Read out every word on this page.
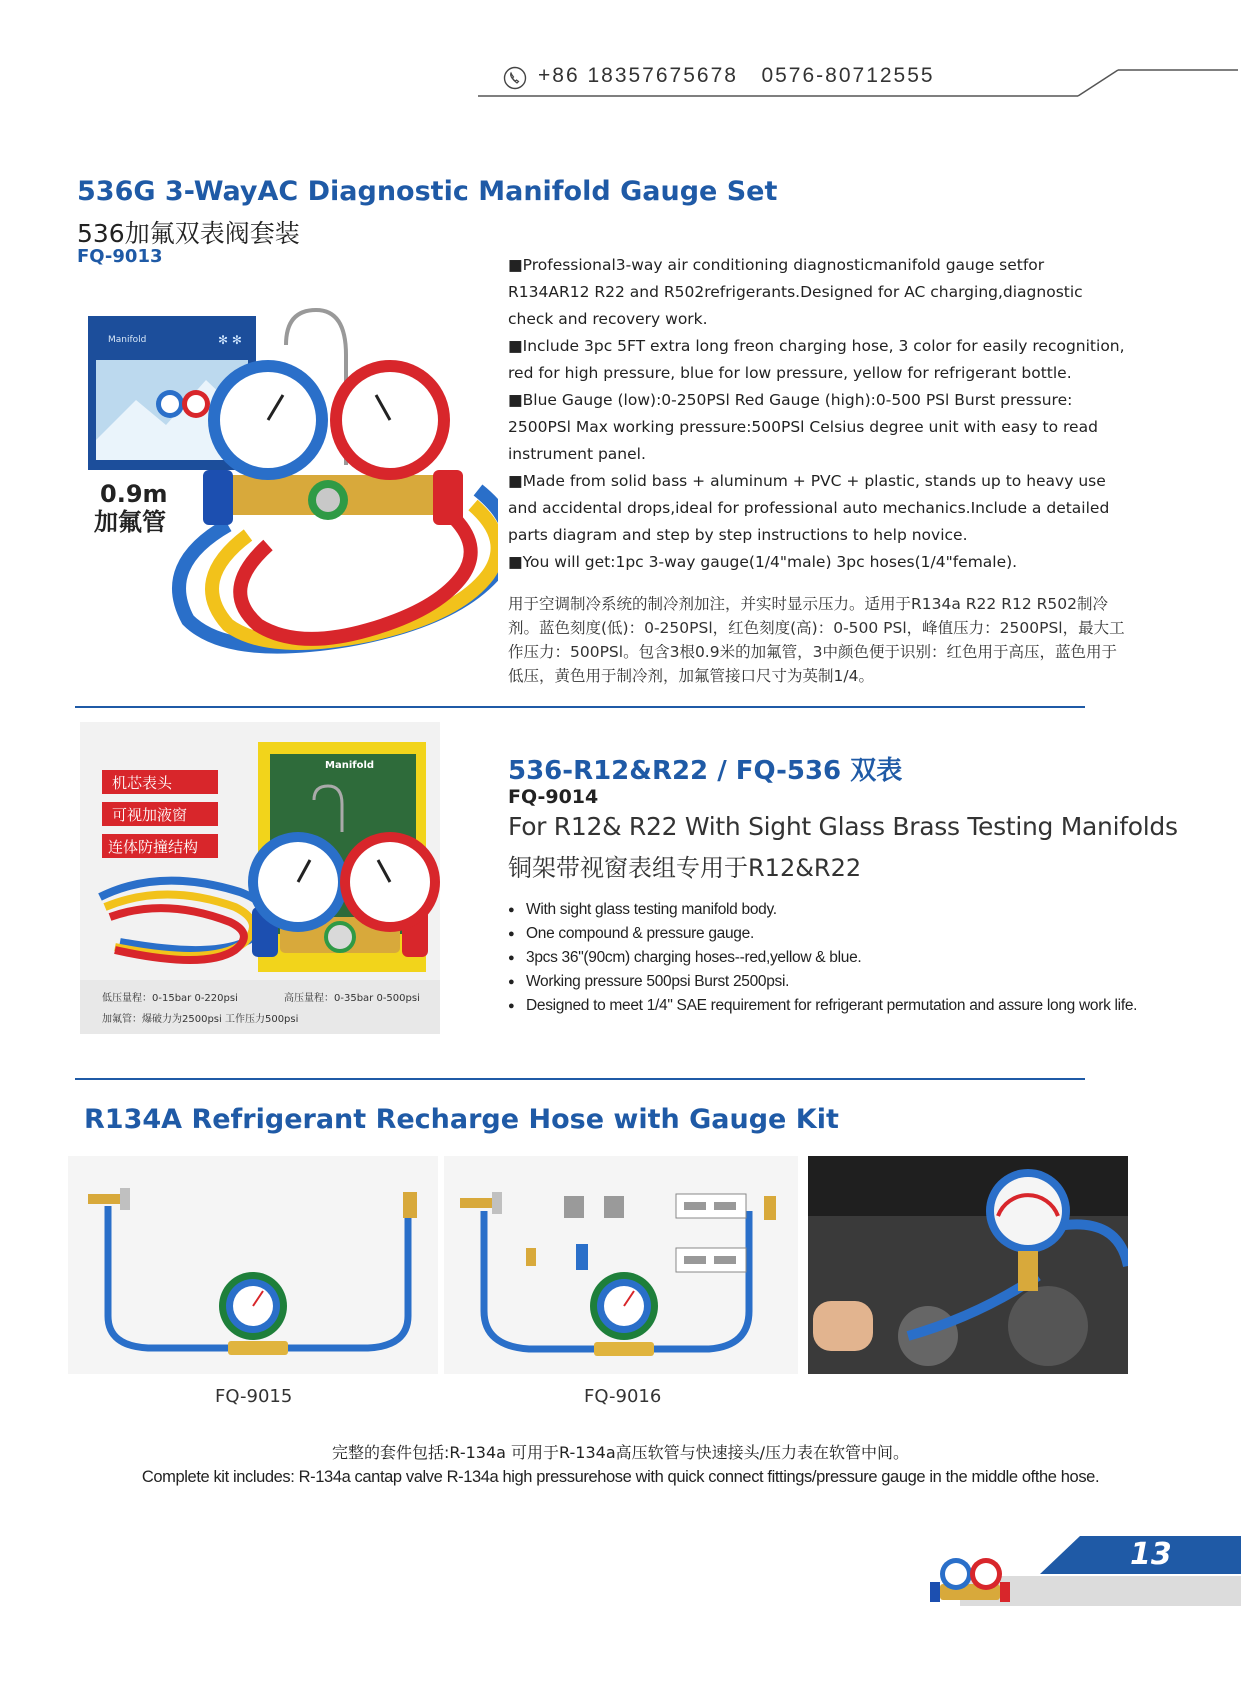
+86 18357675678 0576-80712555
536G 3-WayAC Diagnostic Manifold Gauge Set
536加氟双表阀套装
FQ-9013
✻ ✻
0.9m
加氟管
Manifold

■Professional3-way air conditioning diagnosticmanifold gauge setfor R134AR12 R22 and R502refrigerants.Designed for AC charging,diagnostic check and recovery work.

■Include 3pc 5FT extra long freon charging hose, 3 color for easily recognition, red for high pressure, blue for low pressure, yellow for refrigerant bottle.

■Blue Gauge (low):0-250PSl Red Gauge (high):0-500 PSl Burst pressure: 2500PSl Max working pressure:500PSl Celsius degree unit with easy to read instrument panel.

■Made from solid bass + aluminum + PVC + plastic, stands up to heavy use and accidental drops,ideal for professional auto mechanics.Include a detailed parts diagram and step by step instructions to help novice.

■You will get:1pc 3-way gauge(1/4"male) 3pc hoses(1/4"female).

用于空调制冷系统的制冷剂加注，并实时显示压力。适用于R134a R22 R12 R502制冷剂。蓝色刻度(低)：0-250PSl，红色刻度(高)：0-500 PSl，峰值压力：2500PSl，最大工作压力：500PSl。包含3根0.9米的加氟管，3中颜色便于识别：红色用于高压，蓝色用于低压，黄色用于制冷剂，加氟管接口尺寸为英制1/4。
Manifold
机芯表头
可视加液窗
连体防撞结构
低压量程：0-15bar 0-220psi	高压量程：0-35bar 0-500psi
加氟管：爆破力为2500psi 工作压力500psi
536-R12&R22 / FQ-536 双表
FQ-9014
For R12& R22 With Sight Glass Brass Testing Manifolds
铜架带视窗表组专用于R12&R22
● With sight glass testing manifold body.
● One compound & pressure gauge.
● 3pcs 36"(90cm) charging hoses--red,yellow & blue.
● Working pressure 500psi Burst 2500psi.
● Designed to meet 1/4" SAE requirement for refrigerant permutation and assure long work life.
R134A Refrigerant Recharge Hose with Gauge Kit
FQ-9015	FQ-9016
完整的套件包括:R-134a 可用于R-134a高压软管与快速接头/压力表在软管中间。
Complete kit includes: R-134a cantap valve R-134a high pressurehose with quick connect fittings/pressure gauge in the middle ofthe hose.
13
